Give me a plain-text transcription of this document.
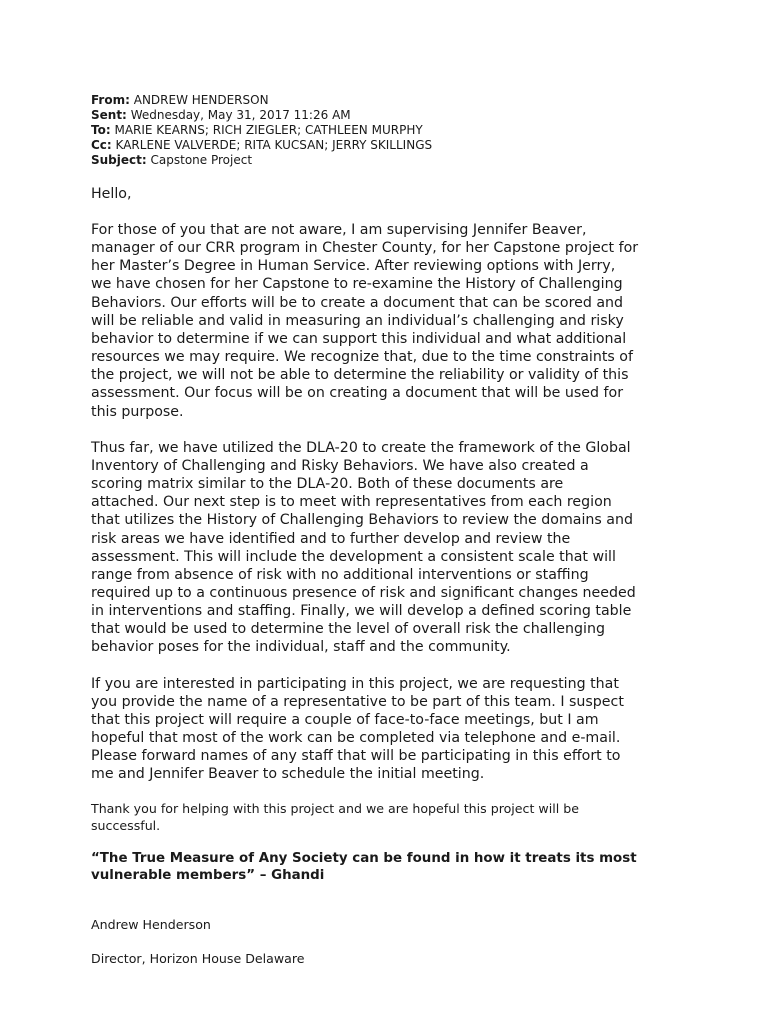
From: ANDREW HENDERSON
Sent: Wednesday, May 31, 2017 11:26 AM
To: MARIE KEARNS; RICH ZIEGLER; CATHLEEN MURPHY
Cc: KARLENE VALVERDE; RITA KUCSAN; JERRY SKILLINGS
Subject: Capstone Project
Hello,
For those of you that are not aware, I am supervising Jennifer Beaver,
manager of our CRR program in Chester County, for her Capstone project for
her Master’s Degree in Human Service. After reviewing options with Jerry,
we have chosen for her Capstone to re-examine the History of Challenging
Behaviors. Our efforts will be to create a document that can be scored and
will be reliable and valid in measuring an individual’s challenging and risky
behavior to determine if we can support this individual and what additional
resources we may require. We recognize that, due to the time constraints of
the project, we will not be able to determine the reliability or validity of this
assessment. Our focus will be on creating a document that will be used for
this purpose.
Thus far, we have utilized the DLA-20 to create the framework of the Global
Inventory of Challenging and Risky Behaviors. We have also created a
scoring matrix similar to the DLA-20. Both of these documents are
attached. Our next step is to meet with representatives from each region
that utilizes the History of Challenging Behaviors to review the domains and
risk areas we have identified and to further develop and review the
assessment. This will include the development a consistent scale that will
range from absence of risk with no additional interventions or staffing
required up to a continuous presence of risk and significant changes needed
in interventions and staffing. Finally, we will develop a defined scoring table
that would be used to determine the level of overall risk the challenging
behavior poses for the individual, staff and the community.
If you are interested in participating in this project, we are requesting that
you provide the name of a representative to be part of this team. I suspect
that this project will require a couple of face-to-face meetings, but I am
hopeful that most of the work can be completed via telephone and e-mail.
Please forward names of any staff that will be participating in this effort to
me and Jennifer Beaver to schedule the initial meeting.
Thank you for helping with this project and we are hopeful this project will be
successful.
“The True Measure of Any Society can be found in how it treats its most
vulnerable members” – Ghandi

Andrew Henderson

Director, Horizon House Delaware
